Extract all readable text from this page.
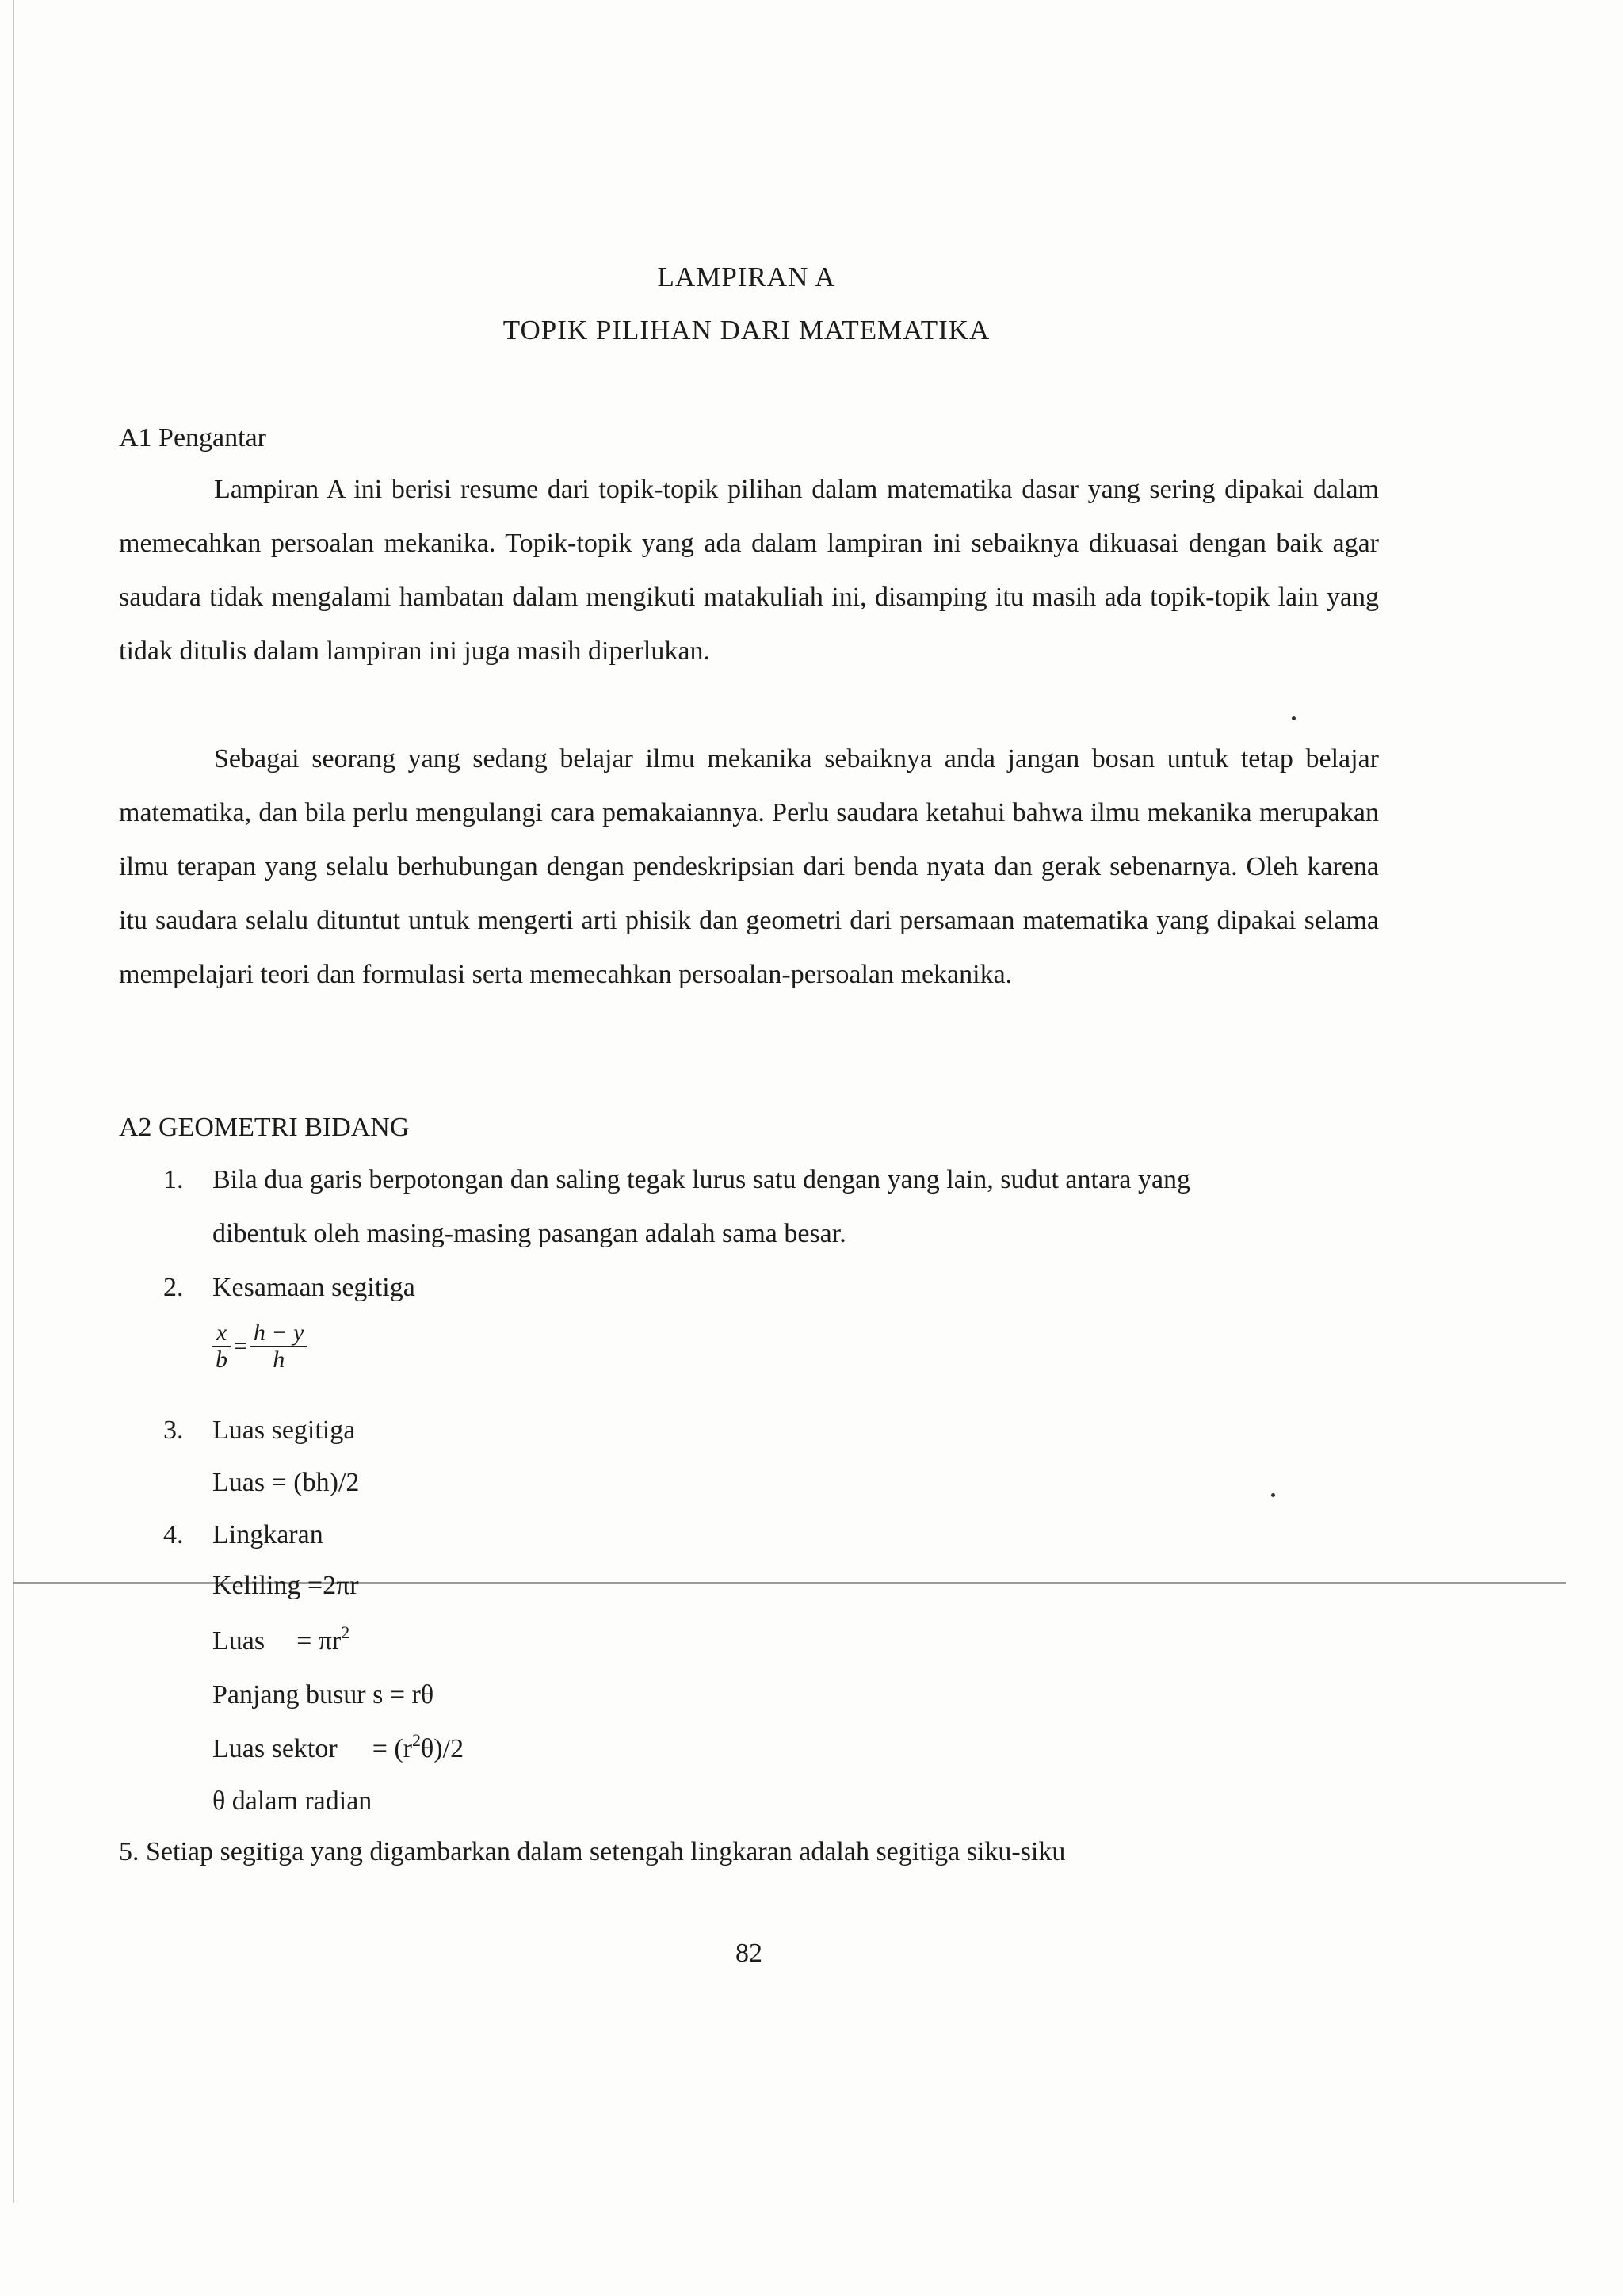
LAMPIRAN A
TOPIK PILIHAN DARI MATEMATIKA
A1 Pengantar
Lampiran A ini berisi resume dari topik-topik pilihan dalam matematika dasar yang sering dipakai dalam memecahkan persoalan mekanika. Topik-topik yang ada dalam lampiran ini sebaiknya dikuasai dengan baik agar saudara tidak mengalami hambatan dalam mengikuti matakuliah ini, disamping itu masih ada topik-topik lain yang tidak ditulis dalam lampiran ini juga masih diperlukan.
Sebagai seorang yang sedang belajar ilmu mekanika sebaiknya anda jangan bosan untuk tetap belajar matematika, dan bila perlu mengulangi cara pemakaiannya. Perlu saudara ketahui bahwa ilmu mekanika merupakan ilmu terapan yang selalu berhubungan dengan pendeskripsian dari benda nyata dan gerak sebenarnya. Oleh karena itu saudara selalu dituntut untuk mengerti arti phisik dan geometri dari persamaan matematika yang dipakai selama mempelajari teori dan formulasi serta memecahkan persoalan-persoalan mekanika.
A2 GEOMETRI BIDANG
1.	Bila dua garis berpotongan dan saling tegak lurus satu dengan yang lain, sudut antara yang
dibentuk oleh masing-masing pasangan adalah sama besar.
2.	Kesamaan segitiga
x	=	h − y
b		h
3.	Luas segitiga
Luas = (bh)/2
4.	Lingkaran
Keliling =2πr
Luas = $\pi r^2$
Panjang busur s = rθ
Luas sektor = $(r^2\theta)/2$
θ dalam radian
5. Setiap segitiga yang digambarkan dalam setengah lingkaran adalah segitiga siku-siku
82
